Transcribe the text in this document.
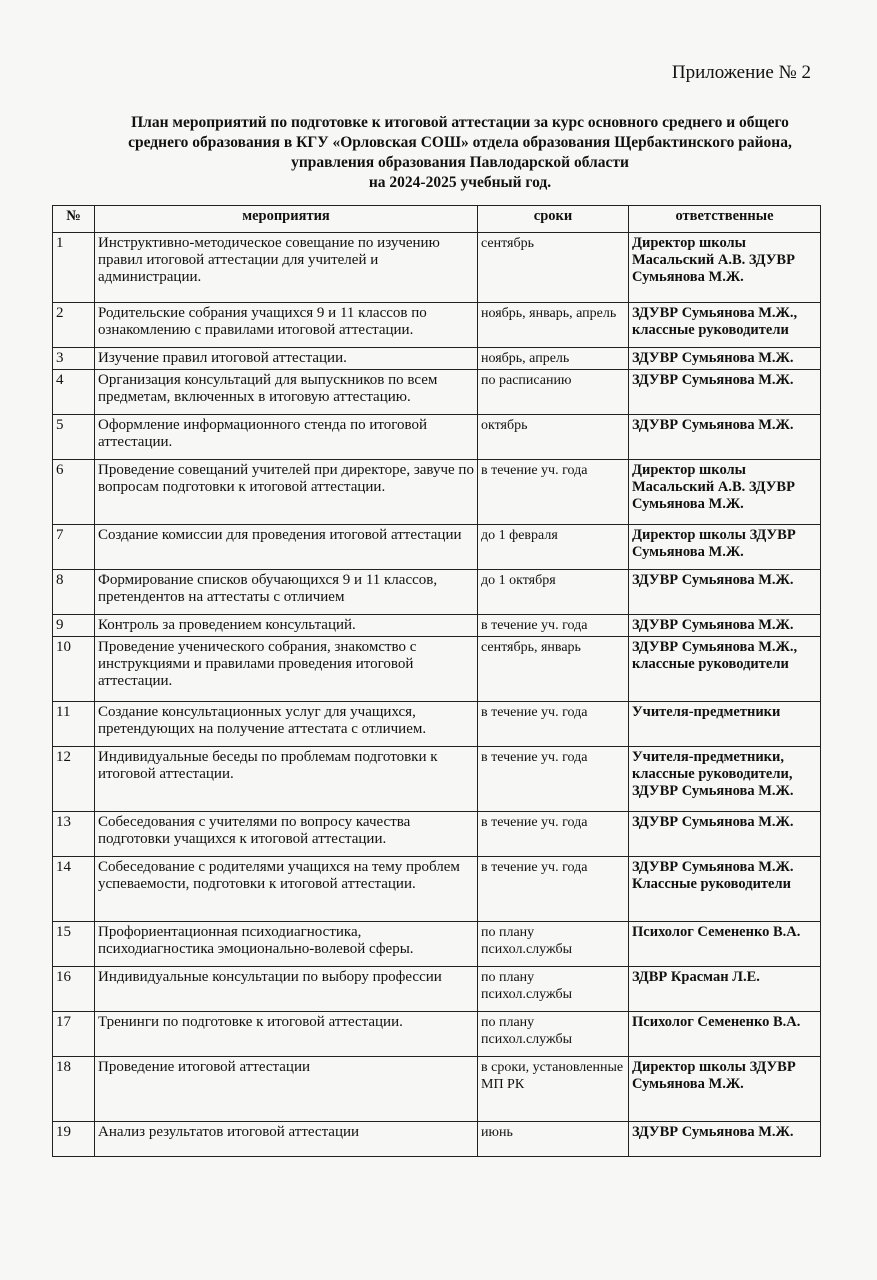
Приложение № 2
План мероприятий по подготовке к итоговой аттестации за курс основного среднего и общего
среднего образования в КГУ «Орловская СОШ» отдела образования Щербактинского района,
управления образования Павлодарской области
на 2024-2025 учебный год.
№	мероприятия	сроки	ответственные
1	Инструктивно-методическое совещание по изучению правил итоговой аттестации для учителей и администрации.	сентябрь	Директор школы Масальский А.В. ЗДУВР Сумьянова М.Ж.
2	Родительские собрания учащихся 9 и 11 классов по ознакомлению с правилами итоговой аттестации.	ноябрь, январь, апрель	ЗДУВР Сумьянова М.Ж., классные руководители
3	Изучение правил итоговой аттестации.	ноябрь, апрель	ЗДУВР Сумьянова М.Ж.
4	Организация консультаций для выпускников по всем предметам, включенных в итоговую аттестацию.	по расписанию	ЗДУВР Сумьянова М.Ж.
5	Оформление информационного стенда по итоговой аттестации.	октябрь	ЗДУВР Сумьянова М.Ж.
6	Проведение совещаний учителей при директоре, завуче по вопросам подготовки к итоговой аттестации.	в течение уч. года	Директор школы Масальский А.В. ЗДУВР Сумьянова М.Ж.
7	Создание комиссии для проведения итоговой аттестации	до 1 февраля	Директор школы ЗДУВР Сумьянова М.Ж.
8	Формирование списков обучающихся 9 и 11 классов, претендентов на аттестаты с отличием	до 1 октября	ЗДУВР Сумьянова М.Ж.
9	Контроль за проведением консультаций.	в течение уч. года	ЗДУВР Сумьянова М.Ж.
10	Проведение ученического собрания, знакомство с инструкциями и правилами проведения итоговой аттестации.	сентябрь, январь	ЗДУВР Сумьянова М.Ж., классные руководители
11	Создание консультационных услуг для учащихся, претендующих на получение аттестата с отличием.	в течение уч. года	Учителя-предметники
12	Индивидуальные беседы по проблемам подготовки к итоговой аттестации.	в течение уч. года	Учителя-предметники, классные руководители, ЗДУВР Сумьянова М.Ж.
13	Собеседования с учителями по вопросу качества подготовки учащихся к итоговой аттестации.	в течение уч. года	ЗДУВР Сумьянова М.Ж.
14	Собеседование с родителями учащихся на тему проблем успеваемости, подготовки к итоговой аттестации.	в течение уч. года	ЗДУВР Сумьянова М.Ж. Классные руководители
15	Профориентационная психодиагностика, психодиагностика эмоционально-волевой сферы.	по плану психол.службы	Психолог Семененко В.А.
16	Индивидуальные консультации по выбору профессии	по плану психол.службы	ЗДВР Красман Л.Е.
17	Тренинги по подготовке к итоговой аттестации.	по плану психол.службы	Психолог Семененко В.А.
18	Проведение итоговой аттестации	в сроки, установленные МП РК	Директор школы ЗДУВР Сумьянова М.Ж.
19	Анализ результатов итоговой аттестации	июнь	ЗДУВР Сумьянова М.Ж.
